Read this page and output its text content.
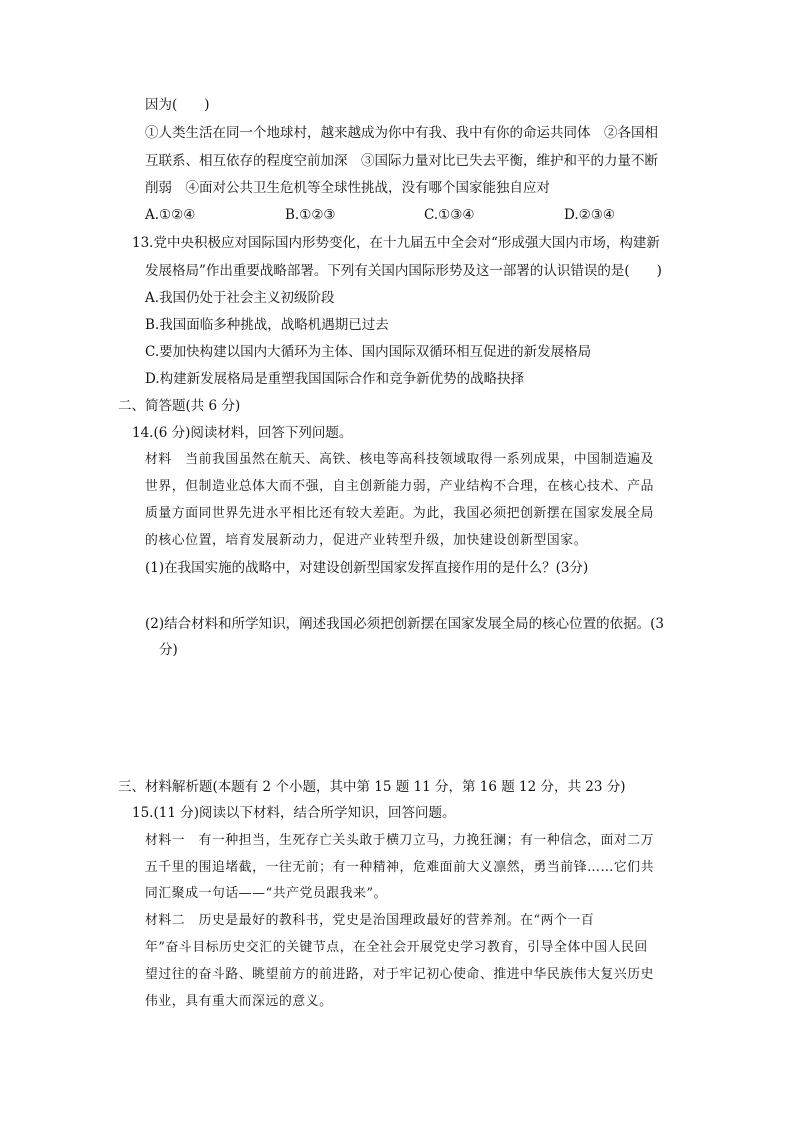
因为(　　)
①人类生活在同一个地球村，越来越成为你中有我、我中有你的命运共同体　②各国相
互联系、相互依存的程度空前加深　③国际力量对比已失去平衡，维护和平的力量不断
削弱　④面对公共卫生危机等全球性挑战，没有哪个国家能独自应对
A.①②④	B.①②③	C.①③④	D.②③④
13.党中央积极应对国际国内形势变化，在十九届五中全会对“形成强大国内市场，构建新
发展格局”作出重要战略部署。下列有关国内国际形势及这一部署的认识错误的是(　　)
A.我国仍处于社会主义初级阶段
B.我国面临多种挑战，战略机遇期已过去
C.要加快构建以国内大循环为主体、国内国际双循环相互促进的新发展格局
D.构建新发展格局是重塑我国国际合作和竞争新优势的战略抉择
二、简答题(共 6 分)
14.(6 分)阅读材料，回答下列问题。
材料　当前我国虽然在航天、高铁、核电等高科技领域取得一系列成果，中国制造遍及
世界，但制造业总体大而不强，自主创新能力弱，产业结构不合理，在核心技术、产品
质量方面同世界先进水平相比还有较大差距。为此，我国必须把创新摆在国家发展全局
的核心位置，培育发展新动力，促进产业转型升级，加快建设创新型国家。
(1)在我国实施的战略中，对建设创新型国家发挥直接作用的是什么？(3分)
(2)结合材料和所学知识，阐述我国必须把创新摆在国家发展全局的核心位置的依据。(3
分)
三、材料解析题(本题有 2 个小题，其中第 15 题 11 分，第 16 题 12 分，共 23 分)
15.(11 分)阅读以下材料，结合所学知识，回答问题。
材料一　有一种担当，生死存亡关头敢于横刀立马，力挽狂澜；有一种信念，面对二万
五千里的围追堵截，一往无前；有一种精神，危难面前大义凛然，勇当前锋……它们共
同汇聚成一句话——“共产党员跟我来”。
材料二　历史是最好的教科书，党史是治国理政最好的营养剂。在“两个一百
年”奋斗目标历史交汇的关键节点，在全社会开展党史学习教育，引导全体中国人民回
望过往的奋斗路、眺望前方的前进路，对于牢记初心使命、推进中华民族伟大复兴历史
伟业，具有重大而深远的意义。
